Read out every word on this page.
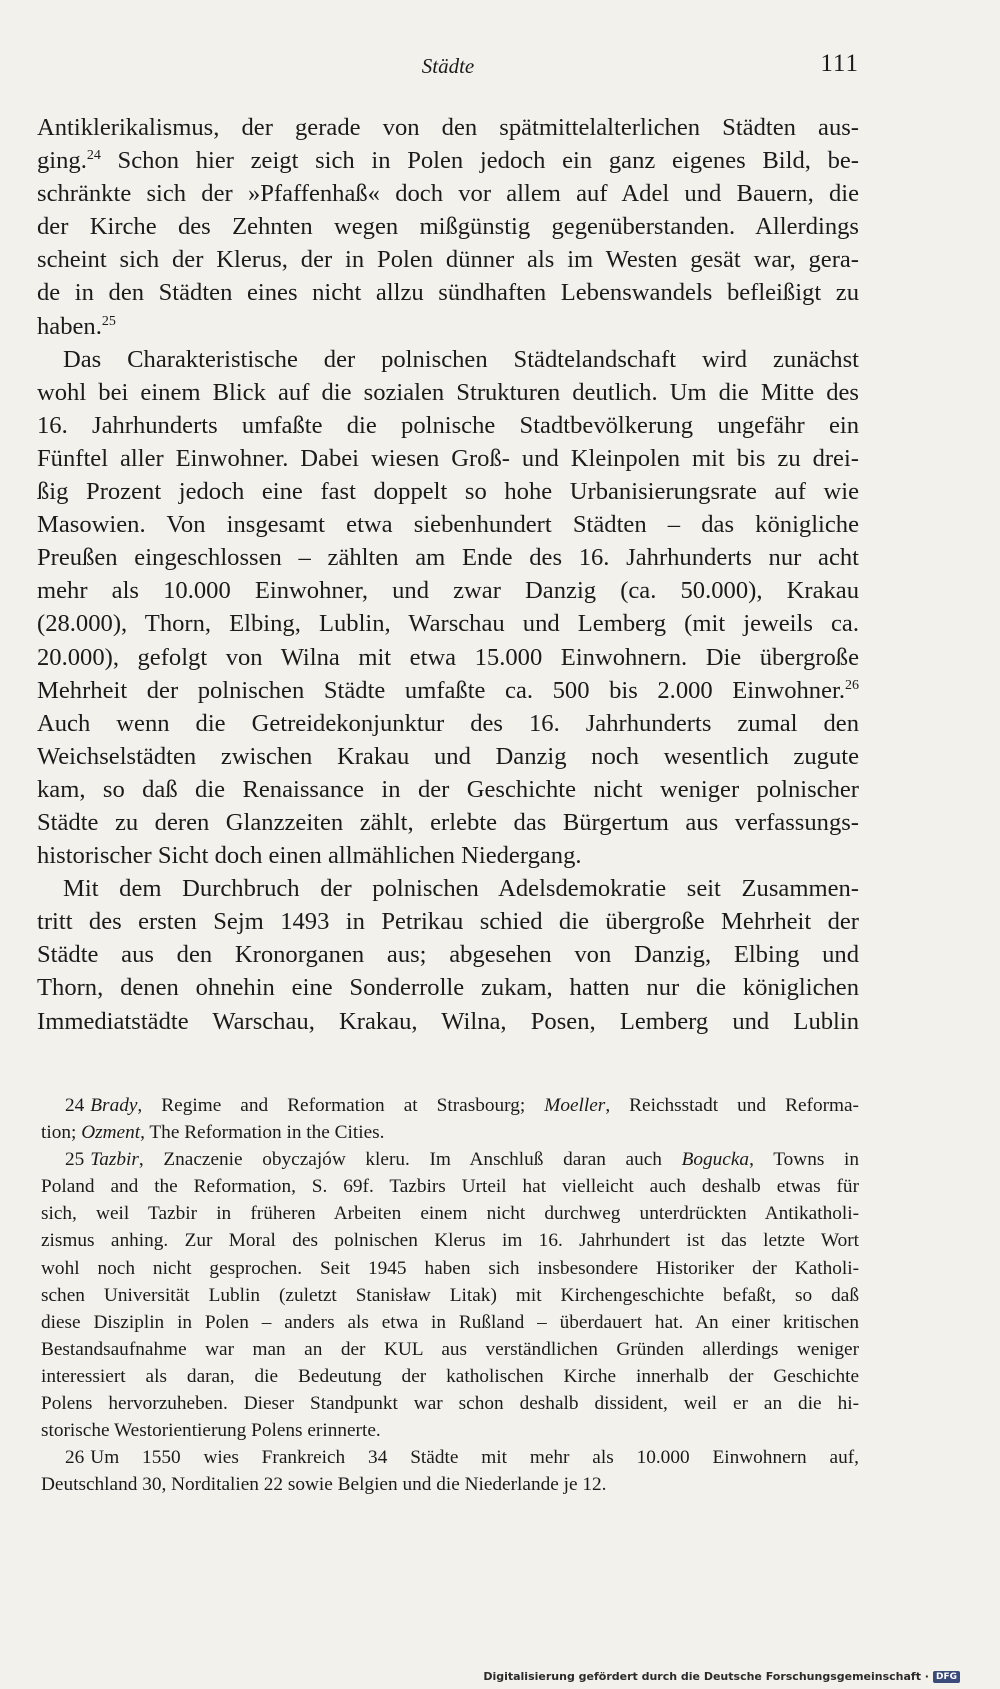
Städte	111

Antiklerikalismus, der gerade von den spätmittelalterlichen Städten aus-
ging.$^{24}$ Schon hier zeigt sich in Polen jedoch ein ganz eigenes Bild, be-
schränkte sich der »Pfaffenhaß« doch vor allem auf Adel und Bauern, die
der Kirche des Zehnten wegen mißgünstig gegenüberstanden. Allerdings
scheint sich der Klerus, der in Polen dünner als im Westen gesät war, gera-
de in den Städten eines nicht allzu sündhaften Lebenswandels befleißigt zu
haben.$^{25}$

Das Charakteristische der polnischen Städtelandschaft wird zunächst
wohl bei einem Blick auf die sozialen Strukturen deutlich. Um die Mitte des
16. Jahrhunderts umfaßte die polnische Stadtbevölkerung ungefähr ein
Fünftel aller Einwohner. Dabei wiesen Groß- und Kleinpolen mit bis zu drei-
ßig Prozent jedoch eine fast doppelt so hohe Urbanisierungsrate auf wie
Masowien. Von insgesamt etwa siebenhundert Städten – das königliche
Preußen eingeschlossen – zählten am Ende des 16. Jahrhunderts nur acht
mehr als 10.000 Einwohner, und zwar Danzig (ca. 50.000), Krakau
(28.000), Thorn, Elbing, Lublin, Warschau und Lemberg (mit jeweils ca.
20.000), gefolgt von Wilna mit etwa 15.000 Einwohnern. Die übergroße
Mehrheit der polnischen Städte umfaßte ca. 500 bis 2.000 Einwohner.$^{26}$
Auch wenn die Getreidekonjunktur des 16. Jahrhunderts zumal den
Weichselstädten zwischen Krakau und Danzig noch wesentlich zugute
kam, so daß die Renaissance in der Geschichte nicht weniger polnischer
Städte zu deren Glanzzeiten zählt, erlebte das Bürgertum aus verfassungs-
historischer Sicht doch einen allmählichen Niedergang.

Mit dem Durchbruch der polnischen Adelsdemokratie seit Zusammen-
tritt des ersten Sejm 1493 in Petrikau schied die übergroße Mehrheit der
Städte aus den Kronorganen aus; abgesehen von Danzig, Elbing und
Thorn, denen ohnehin eine Sonderrolle zukam, hatten nur die königlichen
Immediatstädte Warschau, Krakau, Wilna, Posen, Lemberg und Lublin

24 Brady, Regime and Reformation at Strasbourg; Moeller, Reichsstadt und Reforma-
tion; Ozment, The Reformation in the Cities.
25 Tazbir, Znaczenie obyczajów kleru. Im Anschluß daran auch Bogucka, Towns in
Poland and the Reformation, S. 69f. Tazbirs Urteil hat vielleicht auch deshalb etwas für
sich, weil Tazbir in früheren Arbeiten einem nicht durchweg unterdrückten Antikatholi-
zismus anhing. Zur Moral des polnischen Klerus im 16. Jahrhundert ist das letzte Wort
wohl noch nicht gesprochen. Seit 1945 haben sich insbesondere Historiker der Katholi-
schen Universität Lublin (zuletzt Stanisław Litak) mit Kirchengeschichte befaßt, so daß
diese Disziplin in Polen – anders als etwa in Rußland – überdauert hat. An einer kritischen
Bestandsaufnahme war man an der KUL aus verständlichen Gründen allerdings weniger
interessiert als daran, die Bedeutung der katholischen Kirche innerhalb der Geschichte
Polens hervorzuheben. Dieser Standpunkt war schon deshalb dissident, weil er an die hi-
storische Westorientierung Polens erinnerte.
26 Um 1550 wies Frankreich 34 Städte mit mehr als 10.000 Einwohnern auf,
Deutschland 30, Norditalien 22 sowie Belgien und die Niederlande je 12.
Digitalisierung gefördert durch die Deutsche Forschungsgemeinschaft · DFG
